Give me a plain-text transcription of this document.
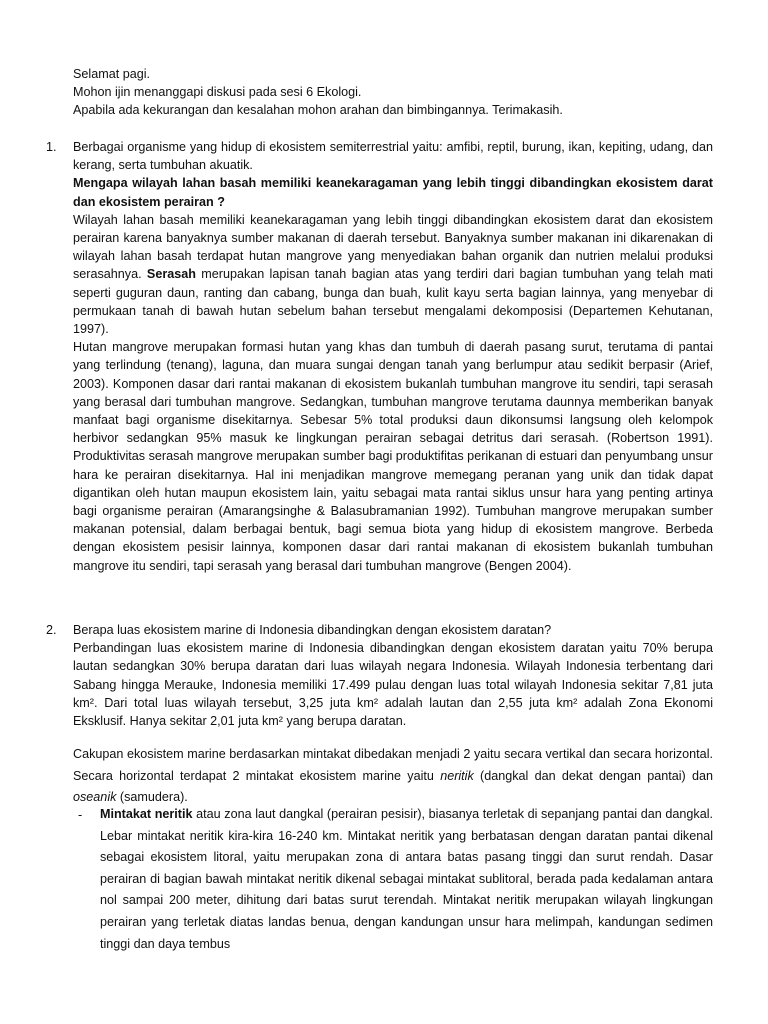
Selamat pagi.
Mohon ijin menanggapi diskusi pada sesi 6 Ekologi.
Apabila ada kekurangan dan kesalahan mohon arahan dan bimbingannya. Terimakasih.
1. Berbagai organisme yang hidup di ekosistem semiterrestrial yaitu: amfibi, reptil, burung, ikan, kepiting, udang, dan kerang, serta tumbuhan akuatik.
Mengapa wilayah lahan basah memiliki keanekaragaman yang lebih tinggi dibandingkan ekosistem darat dan ekosistem perairan ?
Wilayah lahan basah memiliki keanekaragaman yang lebih tinggi dibandingkan ekosistem darat dan ekosistem perairan karena banyaknya sumber makanan di daerah tersebut. Banyaknya sumber makanan ini dikarenakan di wilayah lahan basah terdapat hutan mangrove yang menyediakan bahan organik dan nutrien melalui produksi serasahnya. Serasah merupakan lapisan tanah bagian atas yang terdiri dari bagian tumbuhan yang telah mati seperti guguran daun, ranting dan cabang, bunga dan buah, kulit kayu serta bagian lainnya, yang menyebar di permukaan tanah di bawah hutan sebelum bahan tersebut mengalami dekomposisi (Departemen Kehutanan, 1997).
Hutan mangrove merupakan formasi hutan yang khas dan tumbuh di daerah pasang surut, terutama di pantai yang terlindung (tenang), laguna, dan muara sungai dengan tanah yang berlumpur atau sedikit berpasir (Arief, 2003). Komponen dasar dari rantai makanan di ekosistem bukanlah tumbuhan mangrove itu sendiri, tapi serasah yang berasal dari tumbuhan mangrove. Sedangkan, tumbuhan mangrove terutama daunnya memberikan banyak manfaat bagi organisme disekitarnya. Sebesar 5% total produksi daun dikonsumsi langsung oleh kelompok herbivor sedangkan 95% masuk ke lingkungan perairan sebagai detritus dari serasah. (Robertson 1991). Produktivitas serasah mangrove merupakan sumber bagi produktifitas perikanan di estuari dan penyumbang unsur hara ke perairan disekitarnya. Hal ini menjadikan mangrove memegang peranan yang unik dan tidak dapat digantikan oleh hutan maupun ekosistem lain, yaitu sebagai mata rantai siklus unsur hara yang penting artinya bagi organisme perairan (Amarangsinghe & Balasubramanian 1992). Tumbuhan mangrove merupakan sumber makanan potensial, dalam berbagai bentuk, bagi semua biota yang hidup di ekosistem mangrove. Berbeda dengan ekosistem pesisir lainnya, komponen dasar dari rantai makanan di ekosistem bukanlah tumbuhan mangrove itu sendiri, tapi serasah yang berasal dari tumbuhan mangrove (Bengen 2004).
2. Berapa luas ekosistem marine di Indonesia dibandingkan dengan ekosistem daratan?
Perbandingan luas ekosistem marine di Indonesia dibandingkan dengan ekosistem daratan yaitu 70% berupa lautan sedangkan 30% berupa daratan dari luas wilayah negara Indonesia. Wilayah Indonesia terbentang dari Sabang hingga Merauke, Indonesia memiliki 17.499 pulau dengan luas total wilayah Indonesia sekitar 7,81 juta km². Dari total luas wilayah tersebut, 3,25 juta km² adalah lautan dan 2,55 juta km² adalah Zona Ekonomi Eksklusif. Hanya sekitar 2,01 juta km² yang berupa daratan.
Cakupan ekosistem marine berdasarkan mintakat dibedakan menjadi 2 yaitu secara vertikal dan secara horizontal. Secara horizontal terdapat 2 mintakat ekosistem marine yaitu neritik (dangkal dan dekat dengan pantai) dan oseanik (samudera).
- Mintakat neritik atau zona laut dangkal (perairan pesisir), biasanya terletak di sepanjang pantai dan dangkal. Lebar mintakat neritik kira-kira 16-240 km. Mintakat neritik yang berbatasan dengan daratan pantai dikenal sebagai ekosistem litoral, yaitu merupakan zona di antara batas pasang tinggi dan surut rendah. Dasar perairan di bagian bawah mintakat neritik dikenal sebagai mintakat sublitoral, berada pada kedalaman antara nol sampai 200 meter, dihitung dari batas surut terendah. Mintakat neritik merupakan wilayah lingkungan perairan yang terletak diatas landas benua, dengan kandungan unsur hara melimpah, kandungan sedimen tinggi dan daya tembus
